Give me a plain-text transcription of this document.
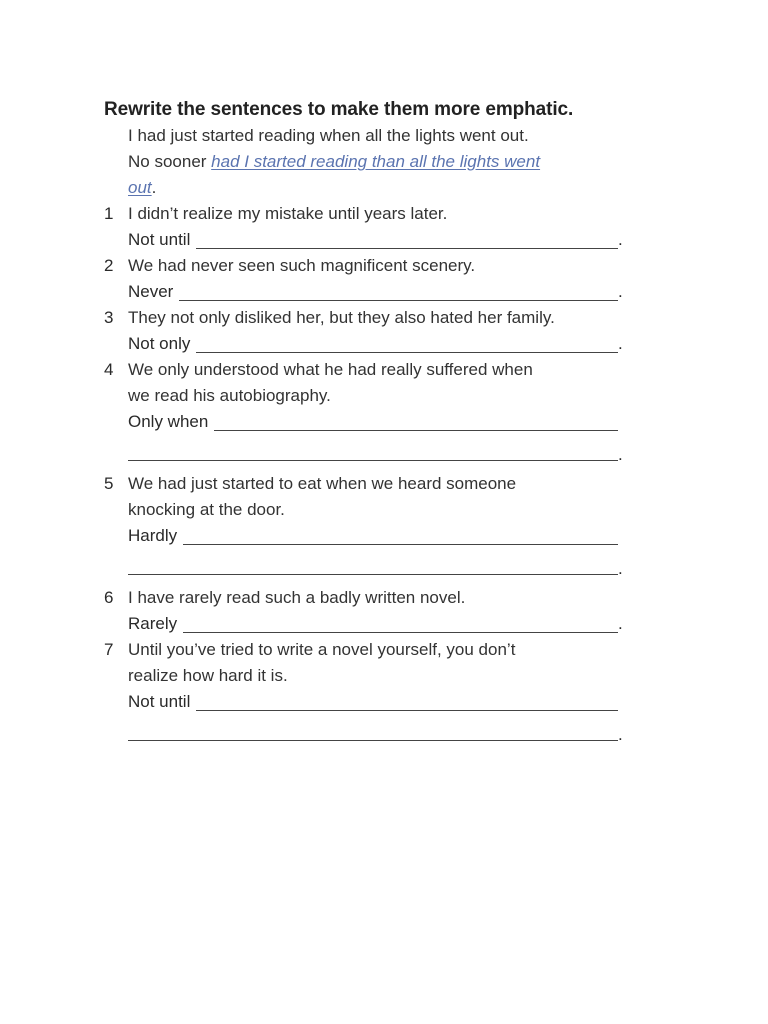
Rewrite the sentences to make them more emphatic.
I had just started reading when all the lights went out.
No sooner had I started reading than all the lights went
out.
1 I didn’t realize my mistake until years later.
Not until	.
2 We had never seen such magnificent scenery.
Never	.
3 They not only disliked her, but they also hated her family.
Not only	.
4 We only understood what he had really suffered when
we read his autobiography.
Only when
.
5 We had just started to eat when we heard someone
knocking at the door.
Hardly
.
6 I have rarely read such a badly written novel.
Rarely	.
7 Until you’ve tried to write a novel yourself, you don’t
realize how hard it is.
Not until
.
